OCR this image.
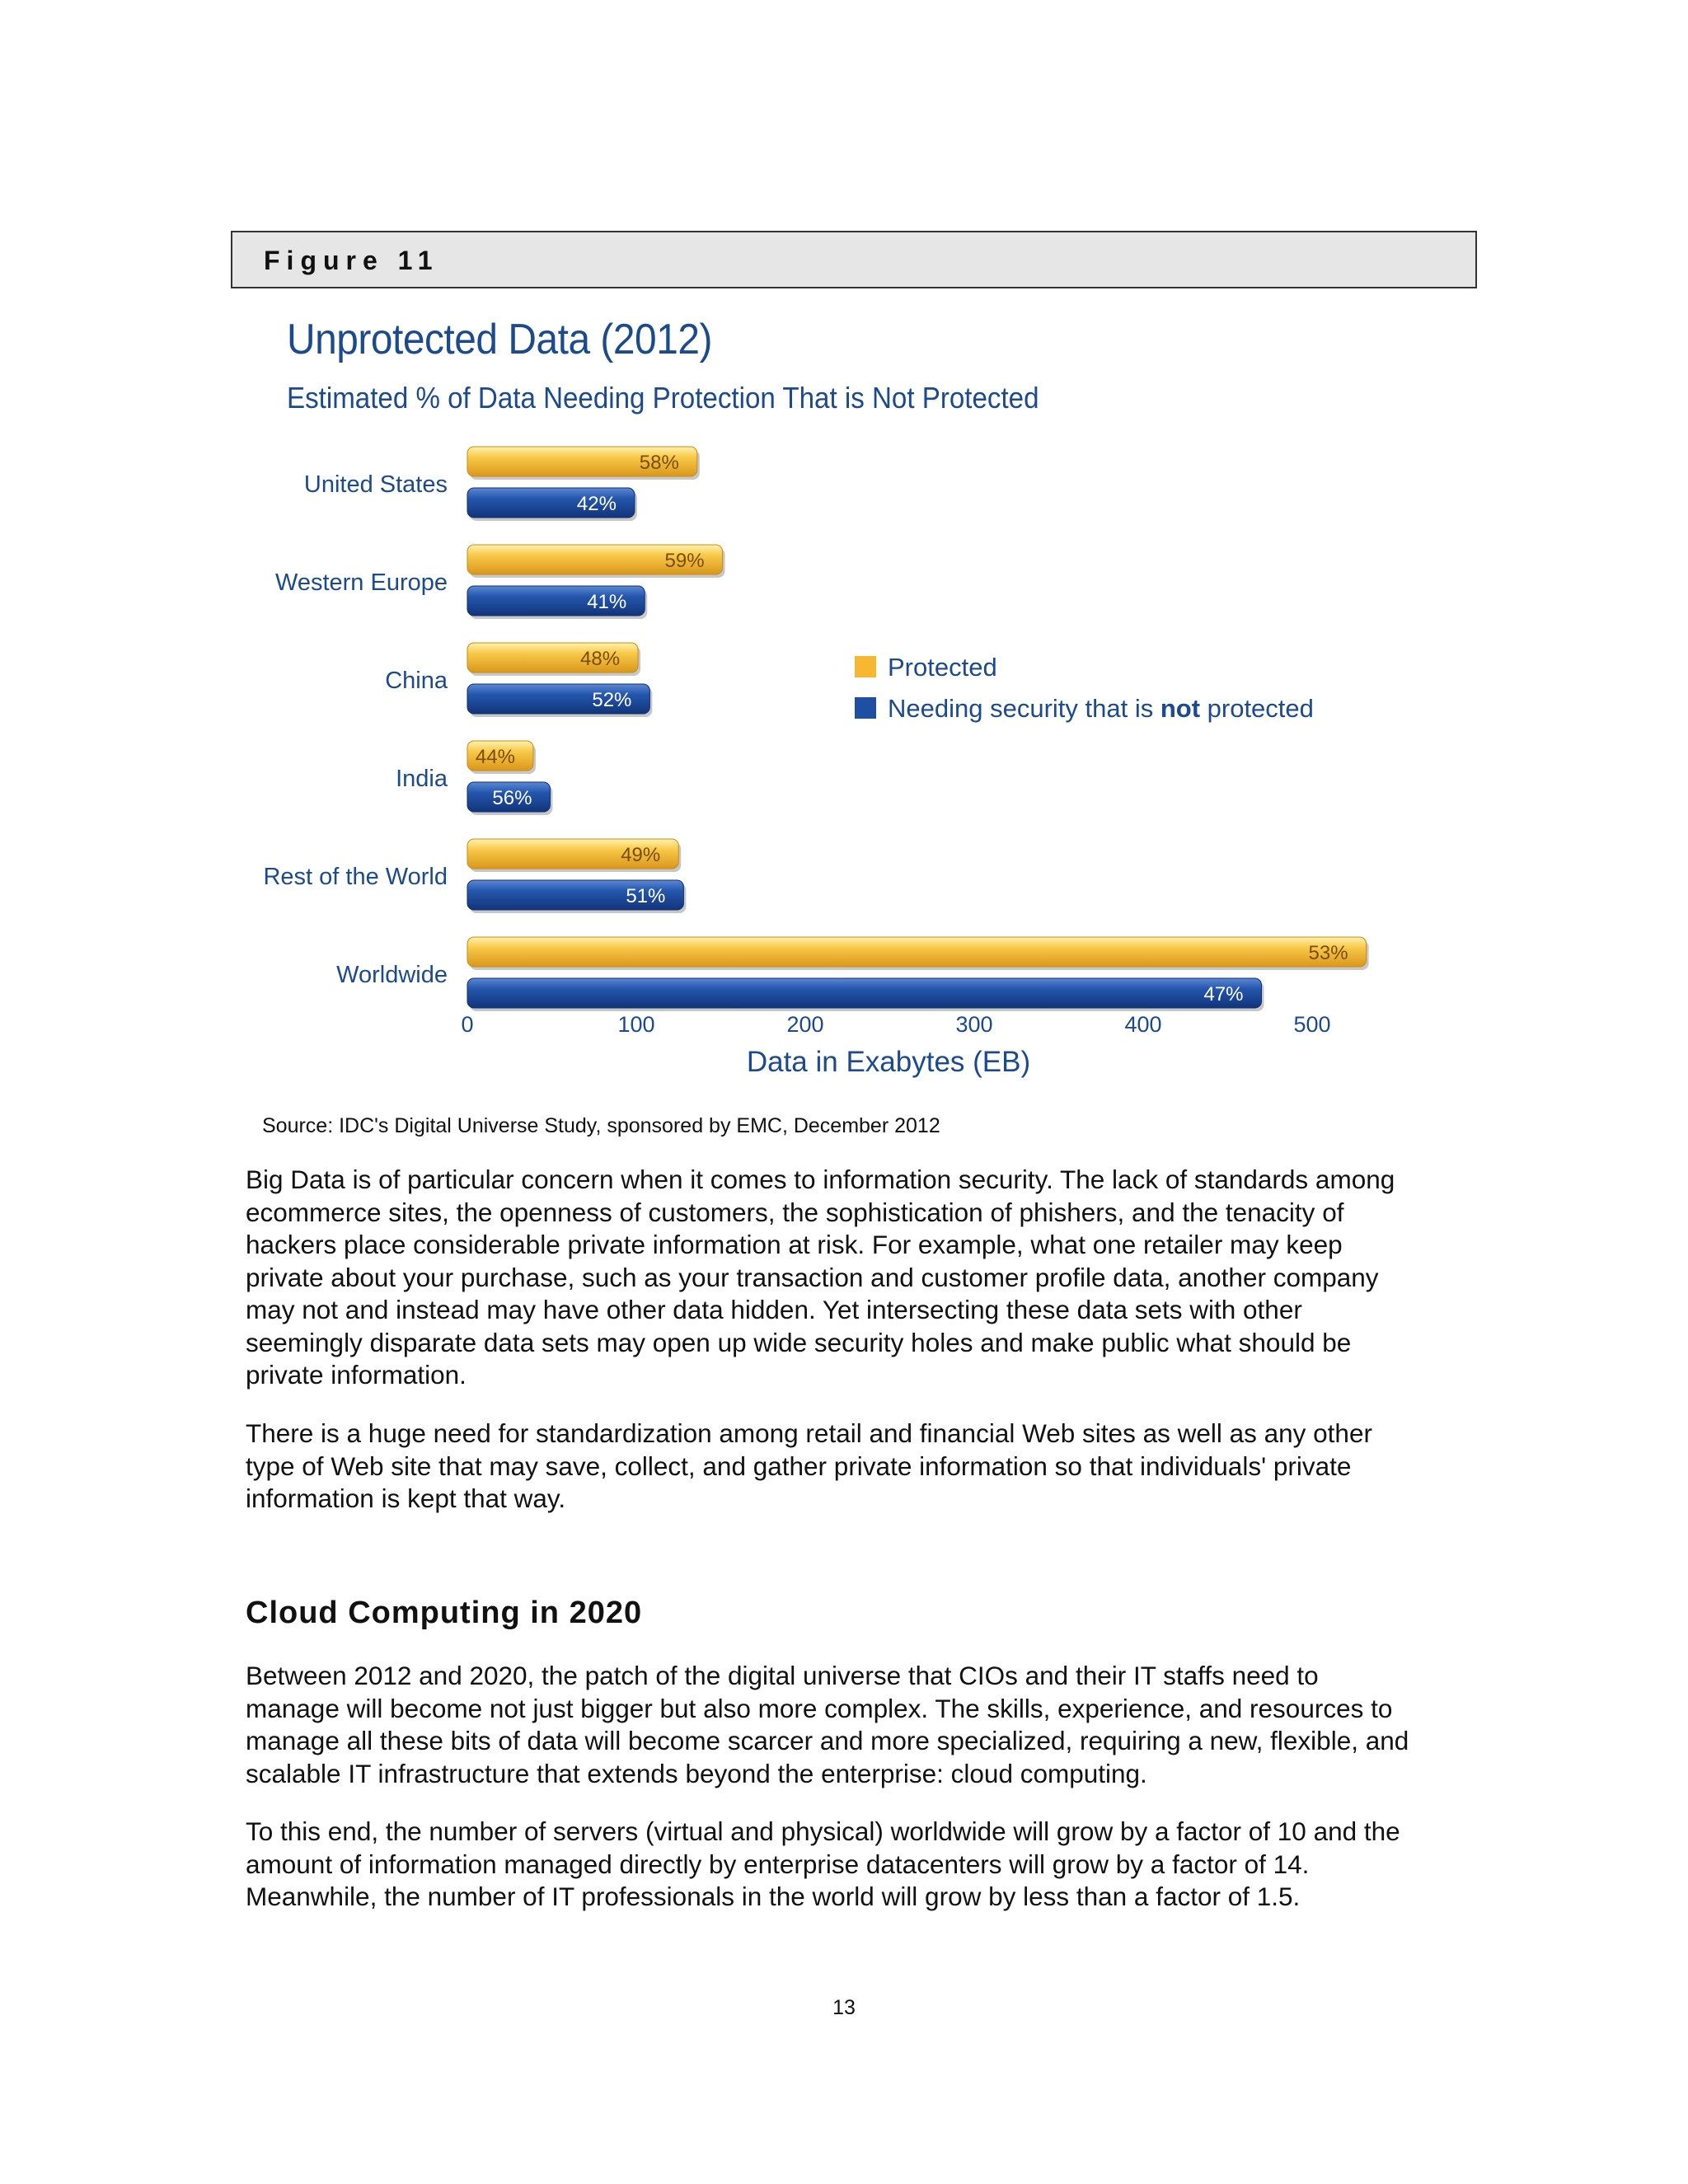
Figure 11
Unprotected Data (2012)
Estimated % of Data Needing Protection That is Not Protected
United States
58%
42%
Western Europe
59%
41%
China
48%
52%
India
44%
56%
Rest of the World
49%
51%
Worldwide
53%
47%
0	100	200	300	400	500
Data in Exabytes (EB)
Protected
Needing security that is not protected
Source: IDC's Digital Universe Study, sponsored by EMC, December 2012
Big Data is of particular concern when it comes to information security. The lack of standards among
ecommerce sites, the openness of customers, the sophistication of phishers, and the tenacity of
hackers place considerable private information at risk. For example, what one retailer may keep
private about your purchase, such as your transaction and customer profile data, another company
may not and instead may have other data hidden. Yet intersecting these data sets with other
seemingly disparate data sets may open up wide security holes and make public what should be
private information.
There is a huge need for standardization among retail and financial Web sites as well as any other
type of Web site that may save, collect, and gather private information so that individuals' private
information is kept that way.
Cloud Computing in 2020
Between 2012 and 2020, the patch of the digital universe that CIOs and their IT staffs need to
manage will become not just bigger but also more complex. The skills, experience, and resources to
manage all these bits of data will become scarcer and more specialized, requiring a new, flexible, and
scalable IT infrastructure that extends beyond the enterprise: cloud computing.
To this end, the number of servers (virtual and physical) worldwide will grow by a factor of 10 and the
amount of information managed directly by enterprise datacenters will grow by a factor of 14.
Meanwhile, the number of IT professionals in the world will grow by less than a factor of 1.5.
13
